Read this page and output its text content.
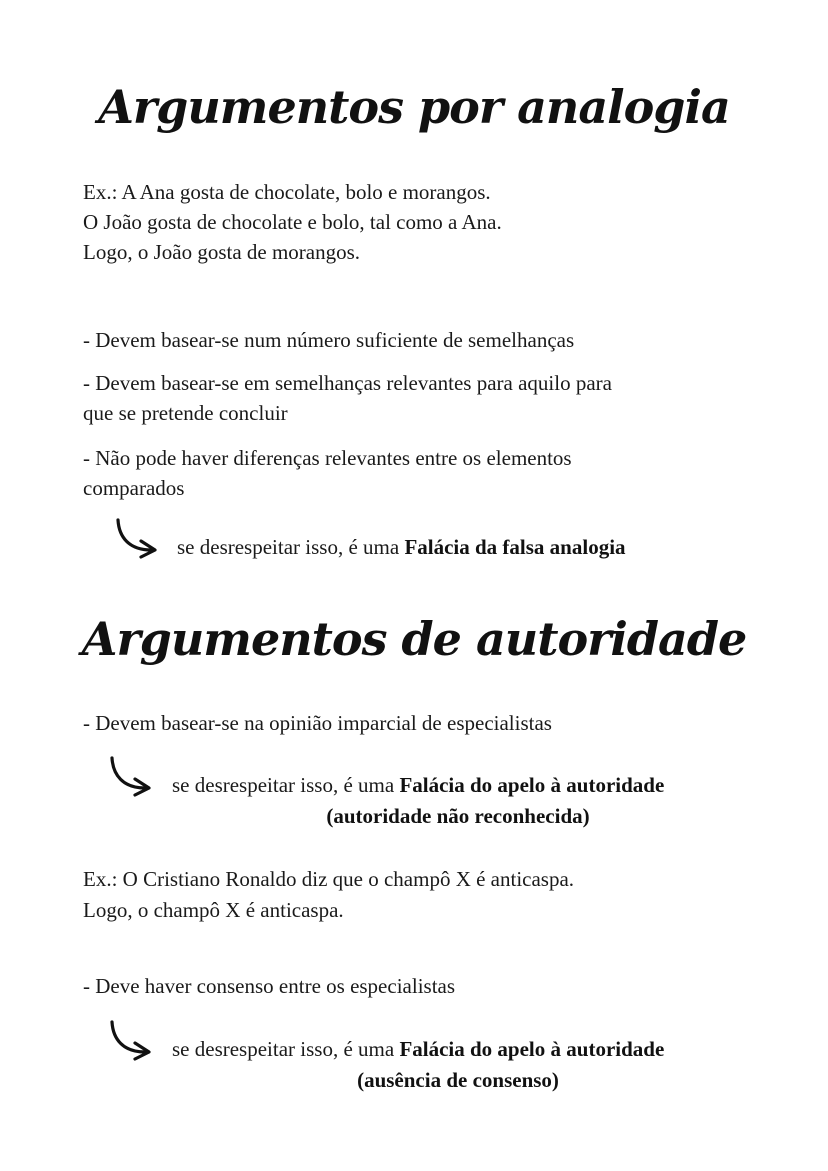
Argumentos por analogia

Ex.: A Ana gosta de chocolate, bolo e morangos.

O João gosta de chocolate e bolo, tal como a Ana.

Logo, o João gosta de morangos.

- Devem basear-se num número suficiente de semelhanças

- Devem basear-se em semelhanças relevantes para aquilo para

que se pretende concluir

- Não pode haver diferenças relevantes entre os elementos

comparados

se desrespeitar isso, é uma Falácia da falsa analogia

Argumentos de autoridade

- Devem basear-se na opinião imparcial de especialistas

se desrespeitar isso, é uma Falácia do apelo à autoridade

(autoridade não reconhecida)

Ex.: O Cristiano Ronaldo diz que o champô X é anticaspa.

Logo, o champô X é anticaspa.

- Deve haver consenso entre os especialistas

se desrespeitar isso, é uma Falácia do apelo à autoridade

(ausência de consenso)
